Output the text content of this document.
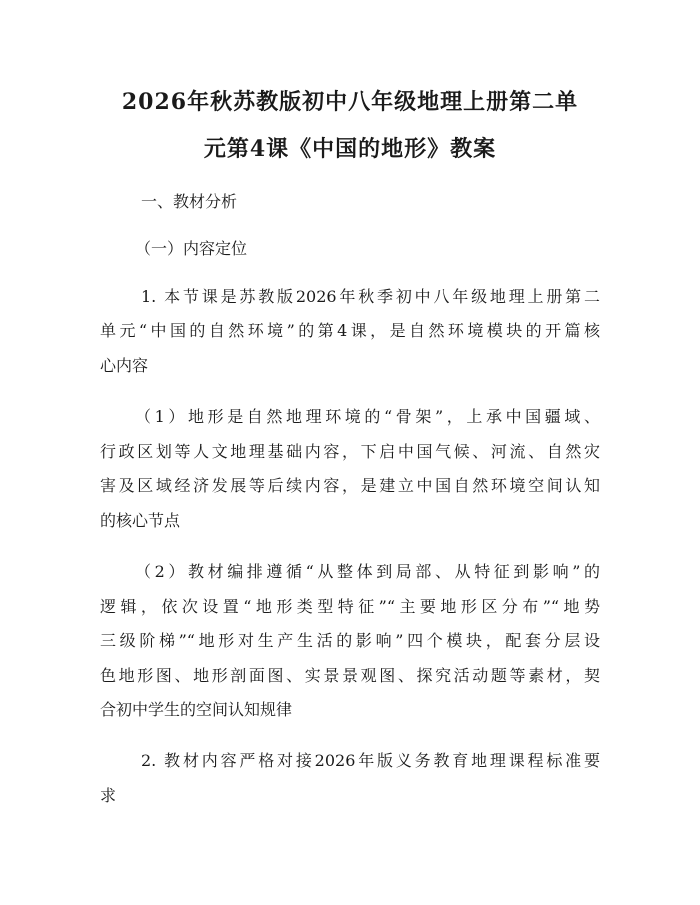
2026年秋苏教版初中八年级地理上册第二单
元第4课《中国的地形》教案
一、教材分析
（一）内容定位
1. 本节课是苏教版2026年秋季初中八年级地理上册第二
单元“中国的自然环境”的第4课，是自然环境模块的开篇核
心内容
（1）地形是自然地理环境的“骨架”，上承中国疆域、
行政区划等人文地理基础内容，下启中国气候、河流、自然灾
害及区域经济发展等后续内容，是建立中国自然环境空间认知
的核心节点
（2）教材编排遵循“从整体到局部、从特征到影响”的
逻辑，依次设置“地形类型特征”“主要地形区分布”“地势
三级阶梯”“地形对生产生活的影响”四个模块，配套分层设
色地形图、地形剖面图、实景景观图、探究活动题等素材，契
合初中学生的空间认知规律
2. 教材内容严格对接2026年版义务教育地理课程标准要
求
